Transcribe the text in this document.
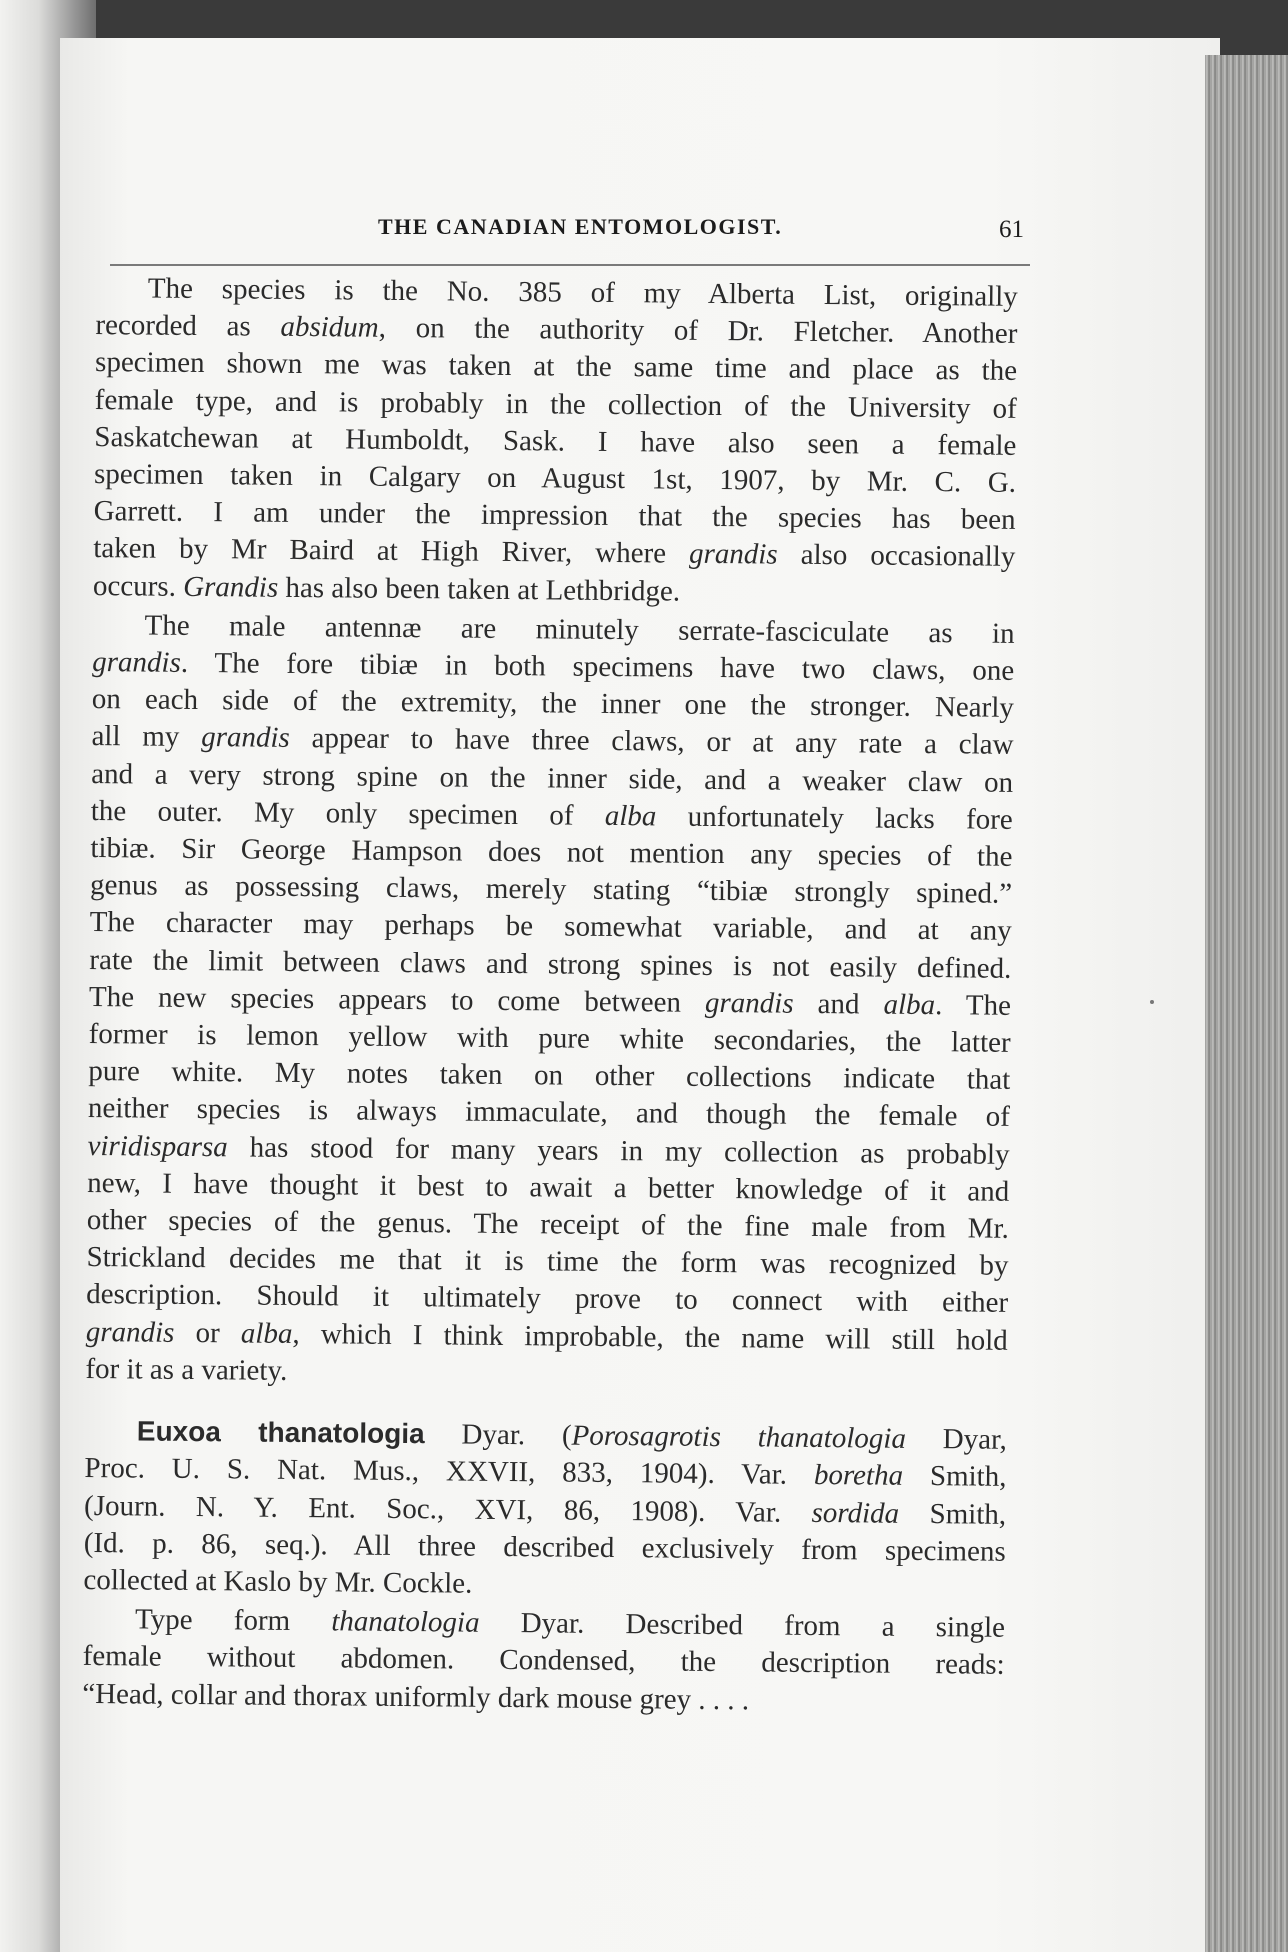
THE CANADIAN ENTOMOLOGIST.	61

The species is the No. 385 of my Alberta List, originally
recorded as absidum, on the authority of Dr. Fletcher. Another
specimen shown me was taken at the same time and place as the
female type, and is probably in the collection of the University of
Saskatchewan at Humboldt, Sask. I have also seen a female
specimen taken in Calgary on August 1st, 1907, by Mr. C. G.
Garrett. I am under the impression that the species has been
taken by Mr Baird at High River, where grandis also occasionally
occurs. Grandis has also been taken at Lethbridge.

The male antennæ are minutely serrate-fasciculate as in
grandis. The fore tibiæ in both specimens have two claws, one
on each side of the extremity, the inner one the stronger. Nearly
all my grandis appear to have three claws, or at any rate a claw
and a very strong spine on the inner side, and a weaker claw on
the outer. My only specimen of alba unfortunately lacks fore
tibiæ. Sir George Hampson does not mention any species of the
genus as possessing claws, merely stating “tibiæ strongly spined.”
The character may perhaps be somewhat variable, and at any
rate the limit between claws and strong spines is not easily defined.
The new species appears to come between grandis and alba. The
former is lemon yellow with pure white secondaries, the latter
pure white. My notes taken on other collections indicate that
neither species is always immaculate, and though the female of
viridisparsa has stood for many years in my collection as probably
new, I have thought it best to await a better knowledge of it and
other species of the genus. The receipt of the fine male from Mr.
Strickland decides me that it is time the form was recognized by
description. Should it ultimately prove to connect with either
grandis or alba, which I think improbable, the name will still hold
for it as a variety.

Euxoa thanatologia Dyar. (Porosagrotis thanatologia Dyar,
Proc. U. S. Nat. Mus., XXVII, 833, 1904). Var. boretha Smith,
(Journ. N. Y. Ent. Soc., XVI, 86, 1908). Var. sordida Smith,
(Id. p. 86, seq.). All three described exclusively from specimens
collected at Kaslo by Mr. Cockle.

Type form thanatologia Dyar. Described from a single
female without abdomen. Condensed, the description reads:
“Head, collar and thorax uniformly dark mouse grey . . . .
